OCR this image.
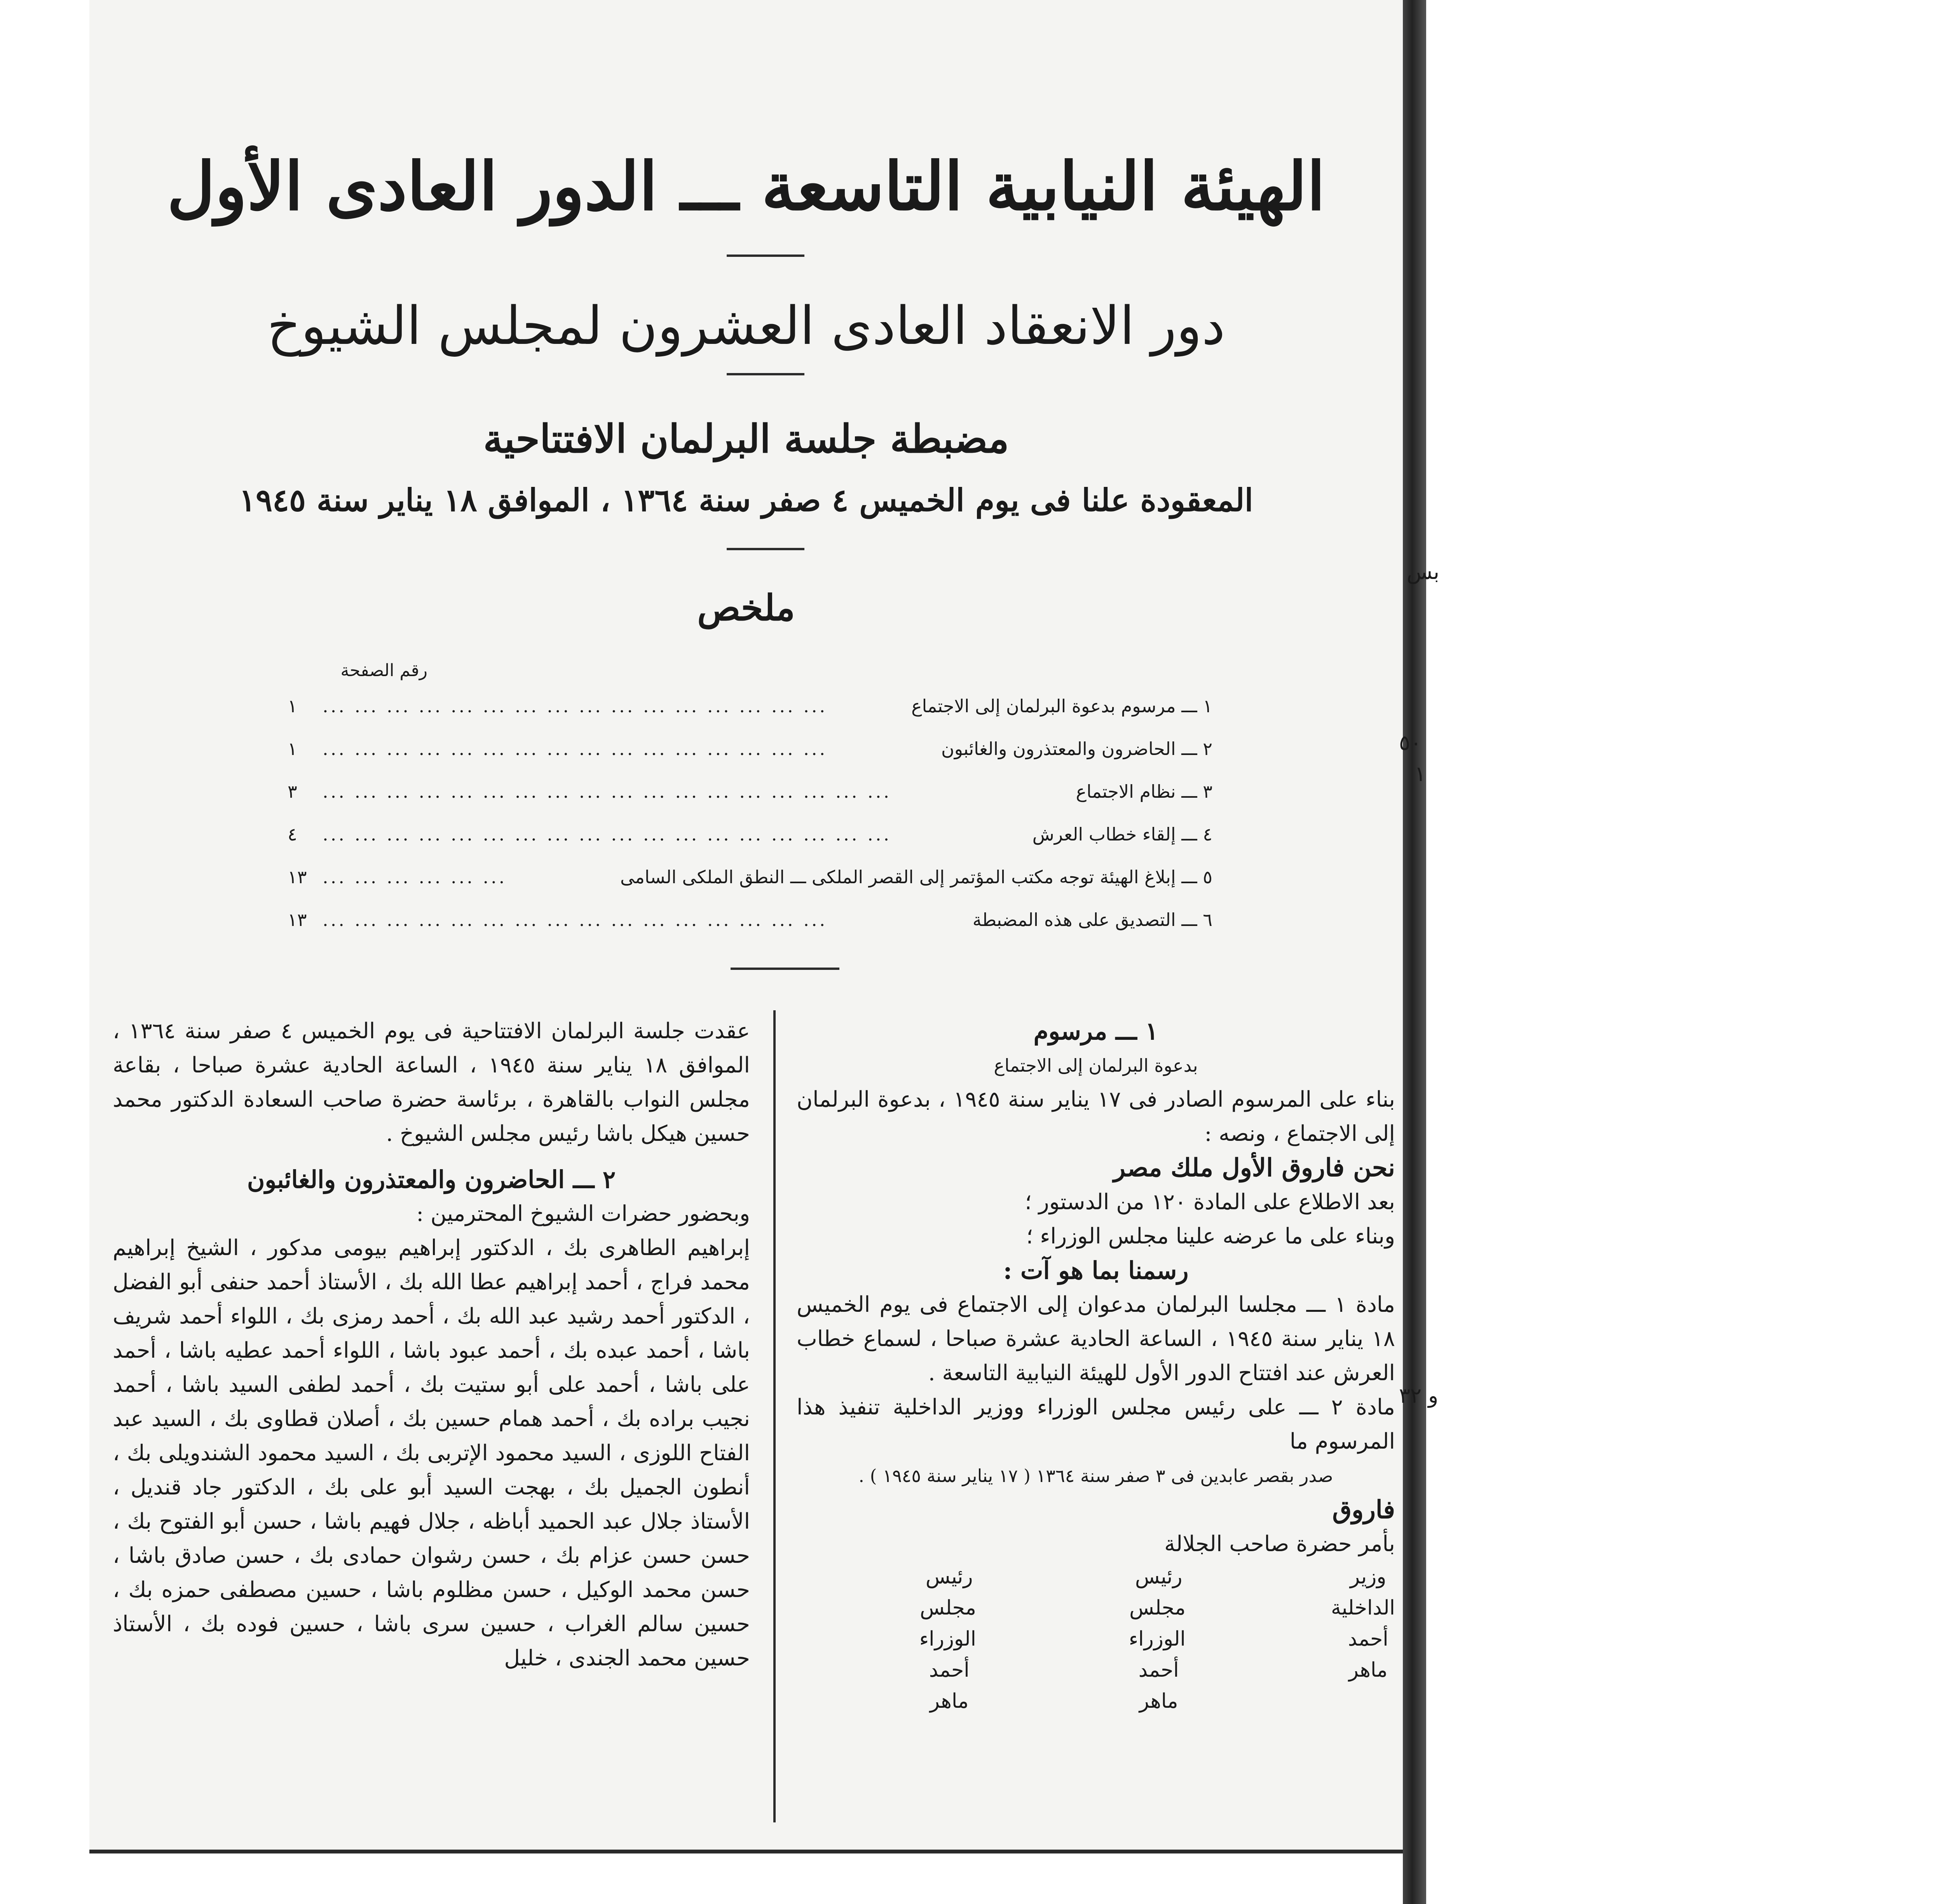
الهيئة النيابية التاسعة ـــ الدور العادى الأول
دور الانعقاد العادى العشرون لمجلس الشيوخ
مضبطة جلسة البرلمان الافتتاحية
المعقودة علنا فى يوم الخميس ٤ صفر سنة ١٣٦٤ ، الموافق ١٨ يناير سنة ١٩٤٥
ملخص
رقم الصفحة
١ ـــ مرسوم بدعوة البرلمان إلى الاجتماع
... ... ... ... ... ... ... ... ... ... ... ... ... ... ... ...
١
٢ ـــ الحاضرون والمعتذرون والغائبون
... ... ... ... ... ... ... ... ... ... ... ... ... ... ... ...
١
٣ ـــ نظام الاجتماع
... ... ... ... ... ... ... ... ... ... ... ... ... ... ... ... ... ...
٣
٤ ـــ إلقاء خطاب العرش
... ... ... ... ... ... ... ... ... ... ... ... ... ... ... ... ... ...
٤
٥ ـــ إبلاغ الهيئة توجه مكتب المؤتمر إلى القصر الملكى ـــ النطق الملكى السامى
... ... ... ... ... ...
١٣
٦ ـــ التصديق على هذه المضبطة
... ... ... ... ... ... ... ... ... ... ... ... ... ... ... ...
١٣

١ ـــ مرسوم

بدعوة البرلمان إلى الاجتماع

بناء على المرسوم الصادر فى ١٧ يناير سنة ١٩٤٥ ، بدعوة البرلمان إلى الاجتماع ، ونصه :

نحن فاروق الأول ملك مصر

بعد الاطلاع على المادة ١٢٠ من الدستور ؛

وبناء على ما عرضه علينا مجلس الوزراء ؛

رسمنا بما هو آت :

مادة ١ ـــ مجلسا البرلمان مدعوان إلى الاجتماع فى يوم الخميس ١٨ يناير سنة ١٩٤٥ ، الساعة الحادية عشرة صباحا ، لسماع خطاب العرش عند افتتاح الدور الأول للهيئة النيابية التاسعة .

مادة ٢ ـــ على رئيس مجلس الوزراء ووزير الداخلية تنفيذ هذا المرسوم ما

صدر بقصر عابدين فى ٣ صفر سنة ١٣٦٤ ( ١٧ يناير سنة ١٩٤٥ ) .

فاروق

بأمر حضرة صاحب الجلالة

وزير الداخلية
أحمد ماهر
رئيس مجلس الوزراء
أحمد ماهر
رئيس مجلس الوزراء
أحمد ماهر

عقدت جلسة البرلمان الافتتاحية فى يوم الخميس ٤ صفر سنة ١٣٦٤ ، الموافق ١٨ يناير سنة ١٩٤٥ ، الساعة الحادية عشرة صباحا ، بقاعة مجلس النواب بالقاهرة ، برئاسة حضرة صاحب السعادة الدكتور محمد حسين هيكل باشا رئيس مجلس الشيوخ .

٢ ـــ الحاضرون والمعتذرون والغائبون

وبحضور حضرات الشيوخ المحترمين :

إبراهيم الطاهرى بك ، الدكتور إبراهيم بيومى مدكور ، الشيخ إبراهيم محمد فراج ، أحمد إبراهيم عطا الله بك ، الأستاذ أحمد حنفى أبو الفضل ، الدكتور أحمد رشيد عبد الله بك ، أحمد رمزى بك ، اللواء أحمد شريف باشا ، أحمد عبده بك ، أحمد عبود باشا ، اللواء أحمد عطيه باشا ، أحمد على باشا ، أحمد على أبو ستيت بك ، أحمد لطفى السيد باشا ، أحمد نجيب براده بك ، أحمد همام حسين بك ، أصلان قطاوى بك ، السيد عبد الفتاح اللوزى ، السيد محمود الإتربى بك ، السيد محمود الشندويلى بك ، أنطون الجميل بك ، بهجت السيد أبو على بك ، الدكتور جاد قنديل ، الأستاذ جلال عبد الحميد أباظه ، جلال فهيم باشا ، حسن أبو الفتوح بك ، حسن حسن عزام بك ، حسن رشوان حمادى بك ، حسن صادق باشا ، حسن محمد الوكيل ، حسن مظلوم باشا ، حسين مصطفى حمزه بك ، حسين سالم الغراب ، حسين سرى باشا ، حسين فوده بك ، الأستاذ حسين محمد الجندى ، خليل

بس
٥٠
١
و ٣٢
